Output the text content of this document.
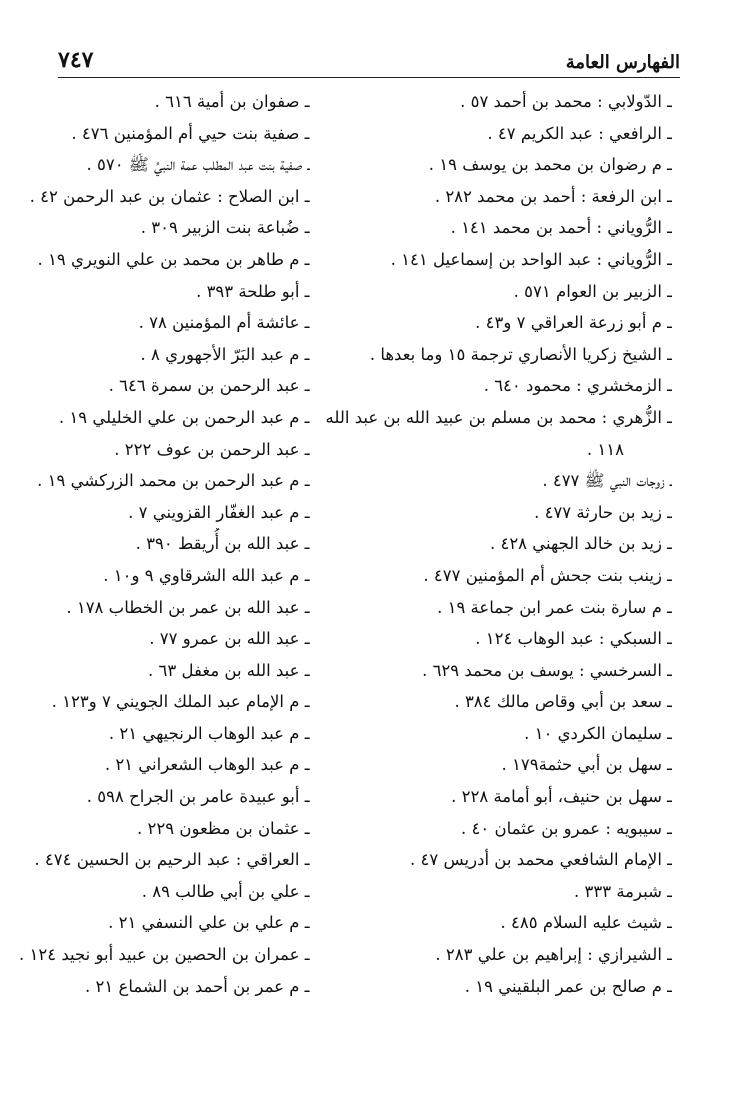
الفهارس العامة
٧٤٧
ـ الدّولابي : محمد بن أحمد ٥٧ .
ـ الرافعي : عبد الكريم ٤٧ .
ـ م رضوان بن محمد بن يوسف ١٩ .
ـ ابن الرفعة : أحمد بن محمد ٢٨٢ .
ـ الرُّوياني : أحمد بن محمد ١٤١ .
ـ الرُّوياني : عبد الواحد بن إسماعيل ١٤١ .
ـ الزبير بن العوام ٥٧١ .
ـ م أبو زرعة العراقي ٧ و٤٣ .
ـ الشيخ زكريا الأنصاري ترجمة ١٥ وما بعدها .
ـ الزمخشري : محمود ٦٤٠ .
ـ الزُّهري : محمد بن مسلم بن عبيد الله بن عبد الله
١١٨ .
ـ زوجات النبي ﷺ ٤٧٧ .
ـ زيد بن حارثة ٤٧٧ .
ـ زيد بن خالد الجهني ٤٢٨ .
ـ زينب بنت جحش أم المؤمنين ٤٧٧ .
ـ م سارة بنت عمر ابن جماعة ١٩ .
ـ السبكي : عبد الوهاب ١٢٤ .
ـ السرخسي : يوسف بن محمد ٦٢٩ .
ـ سعد بن أبي وقاص مالك ٣٨٤ .
ـ سليمان الكردي ١٠ .
ـ سهل بن أبي حثمة١٧٩ .
ـ سهل بن حنيف، أبو أمامة ٢٢٨ .
ـ سيبويه : عمرو بن عثمان ٤٠ .
ـ الإمام الشافعي محمد بن أدريس ٤٧ .
ـ شبرمة ٣٣٣ .
ـ شيث عليه السلام ٤٨٥ .
ـ الشيرازي : إبراهيم بن علي ٢٨٣ .
ـ م صالح بن عمر البلقيني ١٩ .
ـ صفوان بن أمية ٦١٦ .
ـ صفية بنت حيي أم المؤمنين ٤٧٦ .
ـ صفية بنت عبد المطلب عمة النبيِّ ﷺ ٥٧٠ .
ـ ابن الصلاح : عثمان بن عبد الرحمن ٤٢ .
ـ ضُباعة بنت الزبير ٣٠٩ .
ـ م طاهر بن محمد بن علي النويري ١٩ .
ـ أبو طلحة ٣٩٣ .
ـ عائشة أم المؤمنين ٧٨ .
ـ م عبد البَرّ الأجهوري ٨ .
ـ عبد الرحمن بن سمرة ٦٤٦ .
ـ م عبد الرحمن بن علي الخليلي ١٩ .
ـ عبد الرحمن بن عوف ٢٢٢ .
ـ م عبد الرحمن بن محمد الزركشي ١٩ .
ـ م عبد الغفّار القزويني ٧ .
ـ عبد الله بن أُريقط ٣٩٠ .
ـ م عبد الله الشرقاوي ٩ و١٠ .
ـ عبد الله بن عمر بن الخطاب ١٧٨ .
ـ عبد الله بن عمرو ٧٧ .
ـ عبد الله بن مغفل ٦٣ .
ـ م الإمام عبد الملك الجويني ٧ و١٢٣ .
ـ م عبد الوهاب الرنجيهي ٢١ .
ـ م عبد الوهاب الشعراني ٢١ .
ـ أبو عبيدة عامر بن الجراح ٥٩٨ .
ـ عثمان بن مظعون ٢٢٩ .
ـ العراقي : عبد الرحيم بن الحسين ٤٧٤ .
ـ علي بن أبي طالب ٨٩ .
ـ م علي بن علي النسفي ٢١ .
ـ عمران بن الحصين بن عبيد أبو نجيد ١٢٤ .
ـ م عمر بن أحمد بن الشماع ٢١ .
